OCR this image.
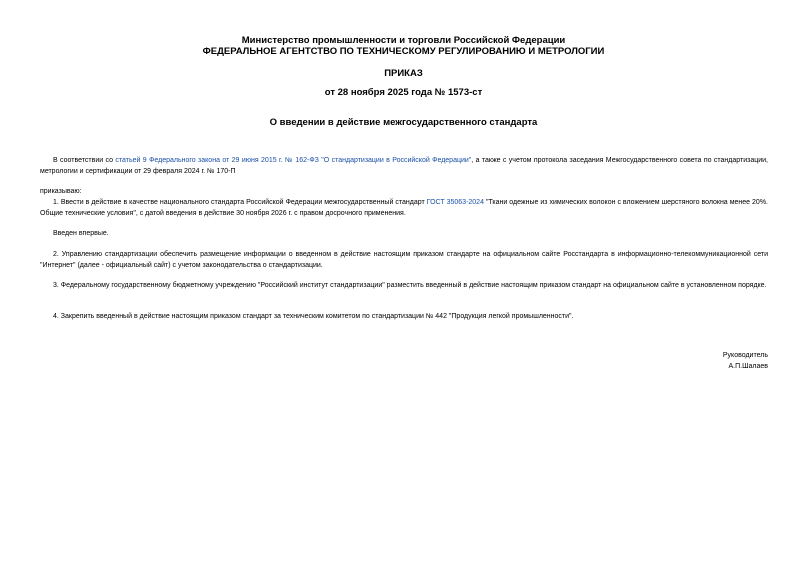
Министерство промышленности и торговли Российской Федерации
ФЕДЕРАЛЬНОЕ АГЕНТСТВО ПО ТЕХНИЧЕСКОМУ РЕГУЛИРОВАНИЮ И МЕТРОЛОГИИ
ПРИКАЗ
от 28 ноября 2025 года № 1573-ст
О введении в действие межгосударственного стандарта
В соответствии со статьей 9 Федерального закона от 29 июня 2015 г. № 162-ФЗ "О стандартизации в Российской Федерации", а также с учетом протокола заседания Межгосударственного совета по стандартизации, метрологии и сертификации от 29 февраля 2024 г. № 170-П
приказываю:
1. Ввести в действие в качестве национального стандарта Российской Федерации межгосударственный стандарт ГОСТ 35063-2024 "Ткани одежные из химических волокон с вложением шерстяного волокна менее 20%. Общие технические условия", с датой введения в действие 30 ноября 2026 г. с правом досрочного применения.
Введен впервые.
2. Управлению стандартизации обеспечить размещение информации о введенном в действие настоящим приказом стандарте на официальном сайте Росстандарта в информационно-телекоммуникационной сети "Интернет" (далее - официальный сайт) с учетом законодательства о стандартизации.
3. Федеральному государственному бюджетному учреждению "Российский институт стандартизации" разместить введенный в действие настоящим приказом стандарт на официальном сайте в установленном порядке.
4. Закрепить введенный в действие настоящим приказом стандарт за техническим комитетом по стандартизации № 442 "Продукция легкой промышленности".
Руководитель
А.П.Шалаев
